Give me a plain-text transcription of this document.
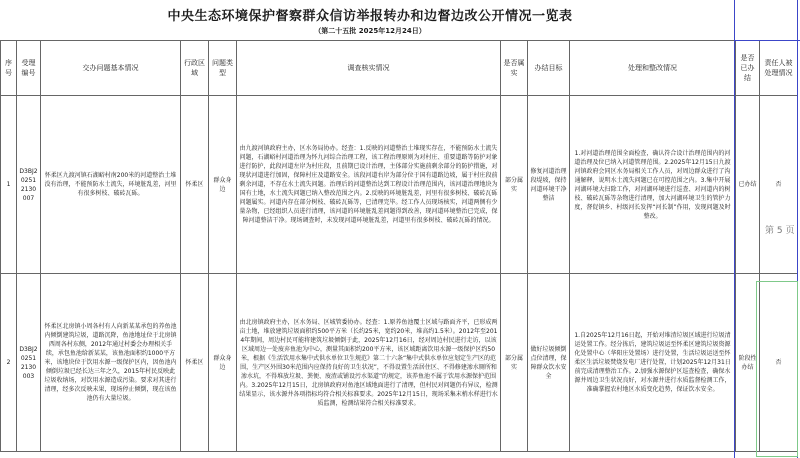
中央生态环境保护督察群众信访举报转办和边督边改公开情况一览表
（第二十五批 2025年12月24日）
序号	受理编号	交办问题基本情况	行政区域	问题类型	调查核实情况	是否属实	办结目标	处理和整改情况	是否已办结	责任人被处理情况
1	D3BJ202512130007	怀柔区九渡河镇石湖峪村南200米的河道整治土堆没有治理，不能预防水土流失，环境脏乱差，河里有很多树枝、破砖瓦砾。	怀柔区	群众身边	由九渡河镇政府主办，区水务局协办。经查：1.反映的河道整治土堆现实存在，不能预防水土流失问题，石湖峪村河道治理为怀九河综合治理工程，该工程治理原则为对村庄、重要道路等防护对象进行防护，此段河道左岸为村庄段，且前期已设计治理，主体部分实施前剩余部分的防护措施，对现状河道进行加固，保障村庄及道路安全。该段河道右岸为部分位于国有道路边坡，属于村庄段前剩余河道，不存在水土流失问题。治理后的河道整治达到工程设计治理范围内，该河道治理地块为国有土地，水土流失问题已纳入整改范围之内。2.反映的环境脏乱差，河里有很多树枝、破砖瓦砾问题属实。河道内存在部分树枝、破砖瓦砾等，已清理完毕。经工作人员现场核实，河道两侧有少量杂物，已经组织人员进行清理，该河道的环境脏乱差问题得到改善，现河道环境整治已完成，保障河道整洁干净。现场调查时，未发现河道环境脏乱差，河道里有很多树枝、破砖瓦砾的情况。	部分属实	修复河道治理段堤坡，保持河道环境干净整洁	1.对河道治理范围全面检查，确认符合设计治理范围内的河道治理及位已纳入河道管理范围。2.2025年12月15日九渡河镇政府会同区水务局相关工作人员，对周边群众进行了沟通解释，说明水土流失问题已在可控范围之内。3.集中开展河湖环境大扫除工作，对河湖环境进行巡查、对河道内的树枝、破砖瓦砾等杂物进行清理，加大河湖环境卫生的管护力度，督促镇乡、村级河长发挥“河长制”作用，发现问题及时整改。	已办结	否
2	D3BJ202512130003	怀柔区北房镇小周各村有人向新某某承包的养鱼池内倾倒建筑垃圾，道路沉降，鱼池地址位于北房镇西周各村东侧，2012年通过村委会办理相关手续，承包鱼池给新某某，该鱼池面积约1000平方米，该地块位于饮用水源一级保护区内，因鱼池内倾倒垃圾已经长达三年之久，2015年村民反映此垃圾收纳场，对饮用水源造成污染。要求对其进行清理，经多次反映未果，现场停止倾倒，现在该鱼池仍有大量垃圾。	怀柔区	群众身边	由北房镇政府主办，区水务局、区城管委协办。经查：1.原养鱼池覆土区域与路面齐平，已形成两亩土地，堆放建筑垃圾面积约500平方米（长约25米，宽约20米，堆高约1.5米）。2012年至2014年期间，周边村民可能将建筑垃圾倾倒于此，2025年12月16日，经对周边村民进行走访，以该区域周边一处废弃鱼池为中心，测量其面积约200平方米，该区域距离饮用水源一级保护区约50米，根据《生活饮用水集中式供水单位卫生规范》第二十六条“集中式供水单位应划定生产区的范围，生产区外围30米范围内应保持良好的卫生状况”，不得设置生活居住区、不得修建渗水厕所和渗水坑，不得堆放垃圾、粪便、废渣或铺设污水渠道”的规定，该养鱼池不属于饮用水源保护范围内。3.2025年12月15日，北房镇政府对鱼池区域地面进行了清理，但村民对问题仍有异议，检测结果显示，该水源井各项指标均符合相关标准要求。2025年12月15日，现场采集末梢水样进行水质监测，检测结果符合相关标准要求。	部分属实	做好垃圾倾倒点位清理，保障群众饮水安全	1.自2025年12月16日起，开始对堆渣垃圾区域进行垃圾清运处置工作。经分拣后，建筑垃圾运至怀柔区建筑垃圾资源化处置中心（华阳庄处置场）进行处置，生活垃圾运送至怀柔区生活垃圾焚烧发电厂进行处置，计划2025年12月31日前完成清理整治工作。2.加强水源保护区巡查检查，确保水源井周边卫生状况良好，对水源井进行水质监督检测工作，准确掌握农村地区水质变化趋势，保证饮水安全。	阶段性办结	否
第 5 页
